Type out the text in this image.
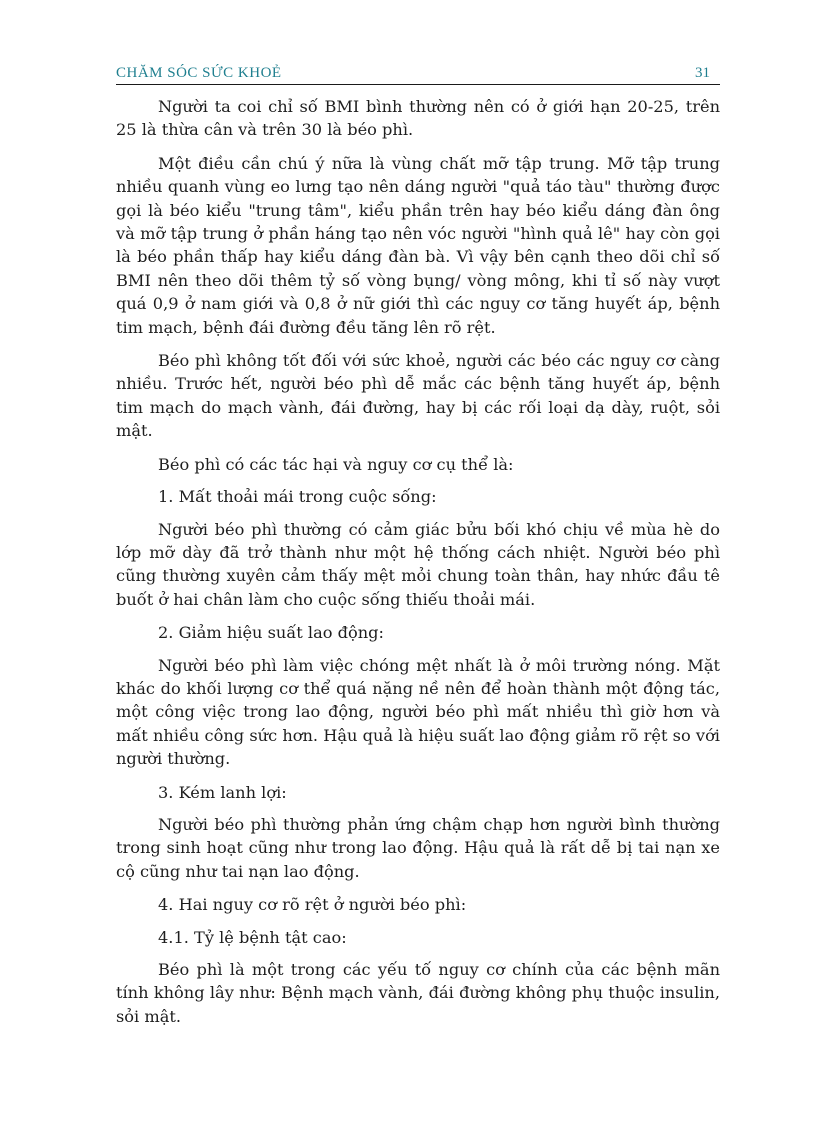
CHĂM SÓC SỨC KHOẺ	31

Người ta coi chỉ số BMI bình thường nên có ở giới hạn 20-25, trên 25 là thừa cân và trên 30 là béo phì.

Một điều cần chú ý nữa là vùng chất mỡ tập trung. Mỡ tập trung nhiều quanh vùng eo lưng tạo nên dáng người "quả táo tàu" thường được gọi là béo kiểu "trung tâm", kiểu phần trên hay béo kiểu dáng đàn ông và mỡ tập trung ở phần háng tạo nên vóc người "hình quả lê" hay còn gọi là béo phần thấp hay kiểu dáng đàn bà. Vì vậy bên cạnh theo dõi chỉ số BMI nên theo dõi thêm tỷ số vòng bụng/ vòng mông, khi tỉ số này vượt quá 0,9 ở nam giới và 0,8 ở nữ giới thì các nguy cơ tăng huyết áp, bệnh tim mạch, bệnh đái đường đều tăng lên rõ rệt.

Béo phì không tốt đối với sức khoẻ, người các béo các nguy cơ càng nhiều. Trước hết, người béo phì dễ mắc các bệnh tăng huyết áp, bệnh tim mạch do mạch vành, đái đường, hay bị các rối loại dạ dày, ruột, sỏi mật.

Béo phì có các tác hại và nguy cơ cụ thể là:

1. Mất thoải mái trong cuộc sống:

Người béo phì thường có cảm giác bửu bối khó chịu về mùa hè do lớp mỡ dày đã trở thành như một hệ thống cách nhiệt. Người béo phì cũng thường xuyên cảm thấy mệt mỏi chung toàn thân, hay nhức đầu tê buốt ở hai chân làm cho cuộc sống thiếu thoải mái.

2. Giảm hiệu suất lao động:

Người béo phì làm việc chóng mệt nhất là ở môi trường nóng. Mặt khác do khối lượng cơ thể quá nặng nề nên để hoàn thành một động tác, một công việc trong lao động, người béo phì mất nhiều thì giờ hơn và mất nhiều công sức hơn. Hậu quả là hiệu suất lao động giảm rõ rệt so với người thường.

3. Kém lanh lợi:

Người béo phì thường phản ứng chậm chạp hơn người bình thường trong sinh hoạt cũng như trong lao động. Hậu quả là rất dễ bị tai nạn xe cộ cũng như tai nạn lao động.

4. Hai nguy cơ rõ rệt ở người béo phì:

4.1. Tỷ lệ bệnh tật cao:

Béo phì là một trong các yếu tố nguy cơ chính của các bệnh mãn tính không lây như: Bệnh mạch vành, đái đường không phụ thuộc insulin, sỏi mật.
